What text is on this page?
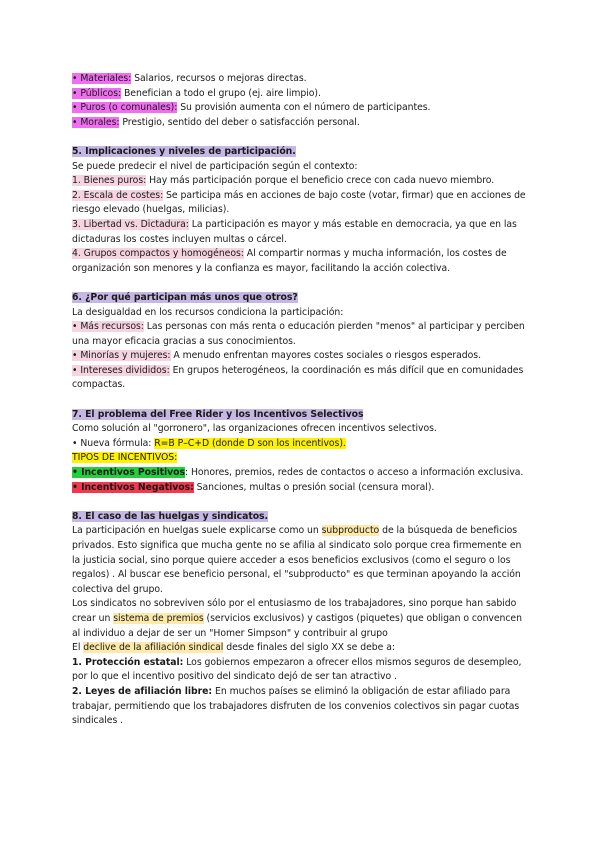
• Materiales: Salarios, recursos o mejoras directas.

• Públicos: Benefician a todo el grupo (ej. aire limpio).

• Puros (o comunales): Su provisión aumenta con el número de participantes.

• Morales: Prestigio, sentido del deber o satisfacción personal.

5. Implicaciones y niveles de participación.

Se puede predecir el nivel de participación según el contexto:

1. Bienes puros: Hay más participación porque el beneficio crece con cada nuevo miembro.

2. Escala de costes: Se participa más en acciones de bajo coste (votar, firmar) que en acciones de riesgo elevado (huelgas, milicias).

3. Libertad vs. Dictadura: La participación es mayor y más estable en democracia, ya que en las dictaduras los costes incluyen multas o cárcel.

4. Grupos compactos y homogéneos: Al compartir normas y mucha información, los costes de organización son menores y la confianza es mayor, facilitando la acción colectiva.

6. ¿Por qué participan más unos que otros?

La desigualdad en los recursos condiciona la participación:

• Más recursos: Las personas con más renta o educación pierden "menos" al participar y perciben una mayor eficacia gracias a sus conocimientos.

• Minorías y mujeres: A menudo enfrentan mayores costes sociales o riesgos esperados.

• Intereses divididos: En grupos heterogéneos, la coordinación es más difícil que en comunidades compactas.

7. El problema del Free Rider y los Incentivos Selectivos

Como solución al "gorronero", las organizaciones ofrecen incentivos selectivos.

• Nueva fórmula: R=B P–C+D (donde D son los incentivos).

TIPOS DE INCENTIVOS:

• Incentivos Positivos: Honores, premios, redes de contactos o acceso a información exclusiva.

• Incentivos Negativos: Sanciones, multas o presión social (censura moral).

8. El caso de las huelgas y sindicatos.

La participación en huelgas suele explicarse como un subproducto de la búsqueda de beneficios privados. Esto significa que mucha gente no se afilia al sindicato solo porque crea firmemente en la justicia social, sino porque quiere acceder a esos beneficios exclusivos (como el seguro o los regalos) . Al buscar ese beneficio personal, el "subproducto" es que terminan apoyando la acción colectiva del grupo.

Los sindicatos no sobreviven sólo por el entusiasmo de los trabajadores, sino porque han sabido crear un sistema de premios (servicios exclusivos) y castigos (piquetes) que obligan o convencen al individuo a dejar de ser un "Homer Simpson" y contribuir al grupo

El declive de la afiliación sindical desde finales del siglo XX se debe a:

1. Protección estatal: Los gobiernos empezaron a ofrecer ellos mismos seguros de desempleo, por lo que el incentivo positivo del sindicato dejó de ser tan atractivo .

2. Leyes de afiliación libre: En muchos países se eliminó la obligación de estar afiliado para trabajar, permitiendo que los trabajadores disfruten de los convenios colectivos sin pagar cuotas sindicales .
